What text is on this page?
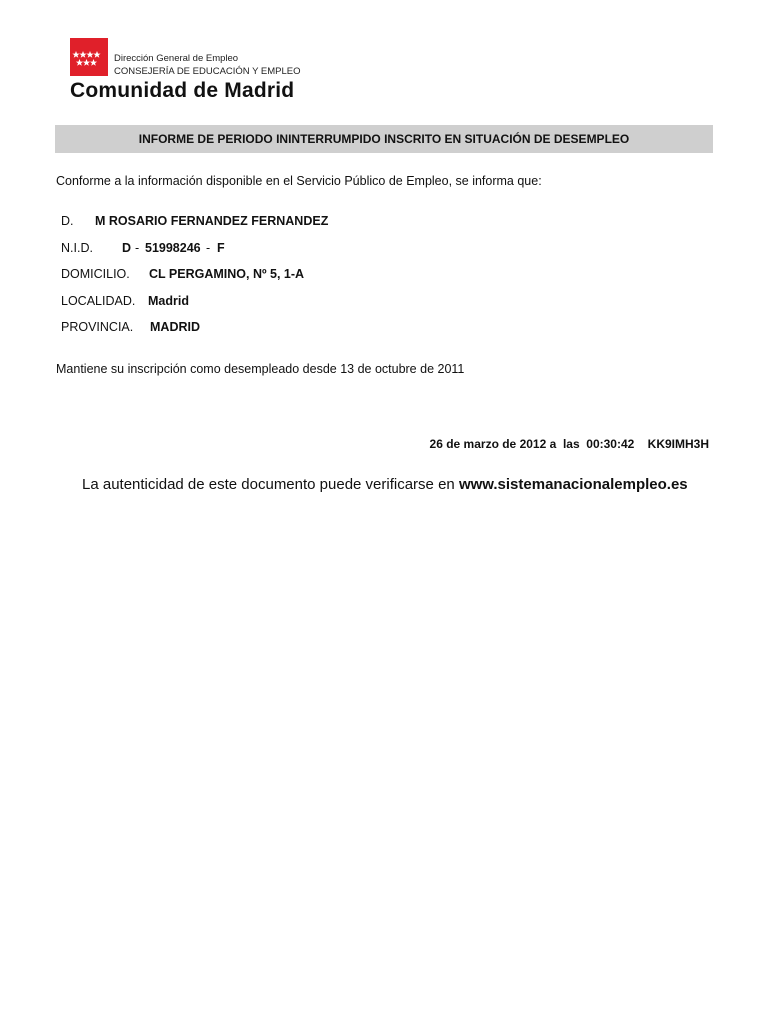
Dirección General de Empleo
CONSEJERÍA DE EDUCACIÓN Y EMPLEO
Comunidad de Madrid
INFORME DE PERIODO ININTERRUMPIDO INSCRITO EN SITUACIÓN DE DESEMPLEO
Conforme a la información disponible en el Servicio Público de Empleo, se informa que:
D. M ROSARIO FERNANDEZ FERNANDEZ
N.I.D. D - 51998246 - F
DOMICILIO. CL PERGAMINO, Nº 5, 1-A
LOCALIDAD. Madrid
PROVINCIA. MADRID
Mantiene su inscripción como desempleado desde 13 de octubre de 2011
26 de marzo de 2012 a  las  00:30:42    KK9IMH3H
La autenticidad de este documento puede verificarse en www.sistemanacionalempleo.es
